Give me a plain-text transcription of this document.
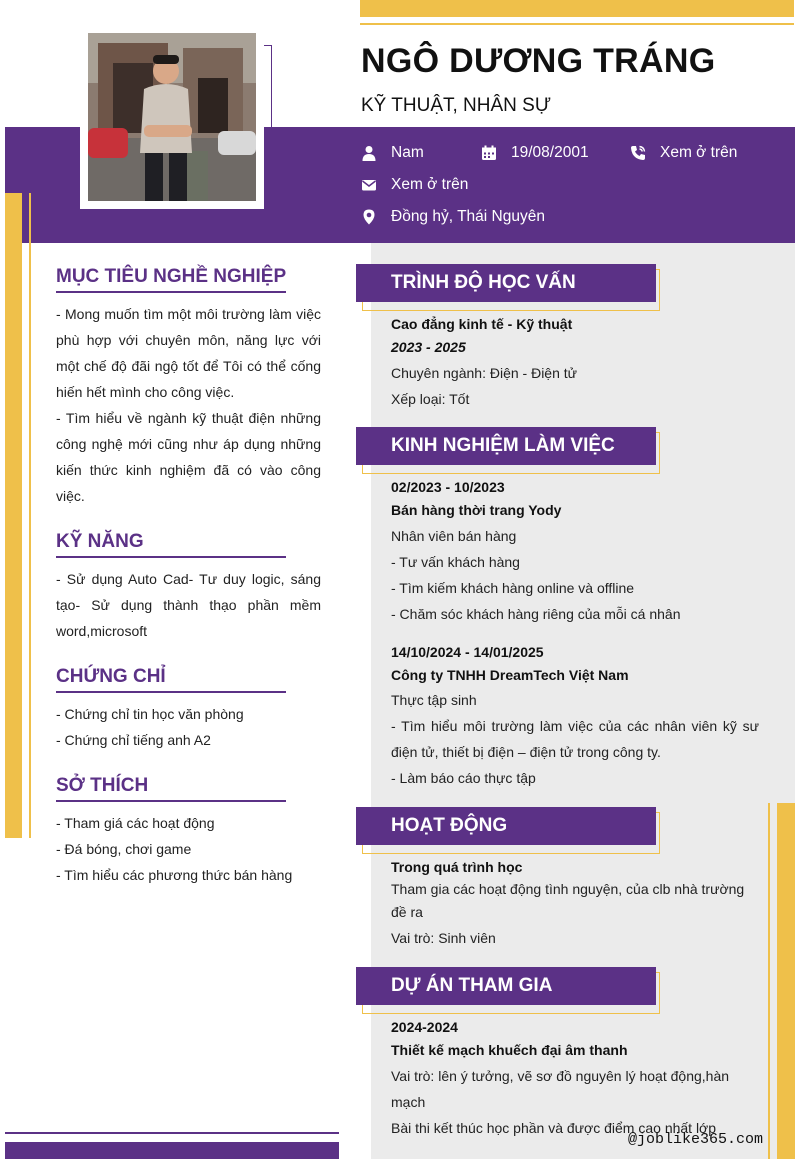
NGÔ DƯƠNG TRÁNG
KỸ THUẬT, NHÂN SỰ
Nam	19/08/2001	Xem ở trên
Xem ở trên
Đồng hỷ, Thái Nguyên
MỤC TIÊU NGHỀ NGHIỆP

- Mong muốn tìm một môi trường làm việc phù hợp với chuyên môn, năng lực với một chế độ đãi ngộ tốt để Tôi có thể cống hiến hết mình cho công việc.

- Tìm hiểu về ngành kỹ thuật điện những công nghệ mới cũng như áp dụng những kiến thức kinh nghiệm đã có vào công việc.

KỸ NĂNG

- Sử dụng Auto Cad- Tư duy logic, sáng tạo- Sử dụng thành thạo phần mềm word,microsoft

CHỨNG CHỈ

- Chứng chỉ tin học văn phòng

- Chứng chỉ tiếng anh A2

SỞ THÍCH

- Tham giá các hoạt động

- Đá bóng, chơi game

- Tìm hiểu các phương thức bán hàng

TRÌNH ĐỘ HỌC VẤN

Cao đẳng kinh tế - Kỹ thuật

2023 - 2025

Chuyên ngành: Điện - Điện tử

Xếp loại: Tốt

KINH NGHIỆM LÀM VIỆC

02/2023 - 10/2023

Bán hàng thời trang Yody

Nhân viên bán hàng

- Tư vấn khách hàng

- Tìm kiếm khách hàng online và offline

- Chăm sóc khách hàng riêng của mỗi cá nhân

14/10/2024 - 14/01/2025

Công ty TNHH DreamTech Việt Nam

Thực tập sinh

- Tìm hiểu môi trường làm việc của các nhân viên kỹ sư điện tử, thiết bị điện – điện tử trong công ty.

- Làm báo cáo thực tập

HOẠT ĐỘNG

Trong quá trình học

Tham gia các hoạt động tình nguyện, của clb nhà trường đề ra

Vai trò: Sinh viên

DỰ ÁN THAM GIA

2024-2024

Thiết kế mạch khuếch đại âm thanh

Vai trò: lên ý tưởng, vẽ sơ đồ nguyên lý hoạt động,hàn mạch

Bài thi kết thúc học phần và được điểm cao nhất lớp

@joblike365.com
